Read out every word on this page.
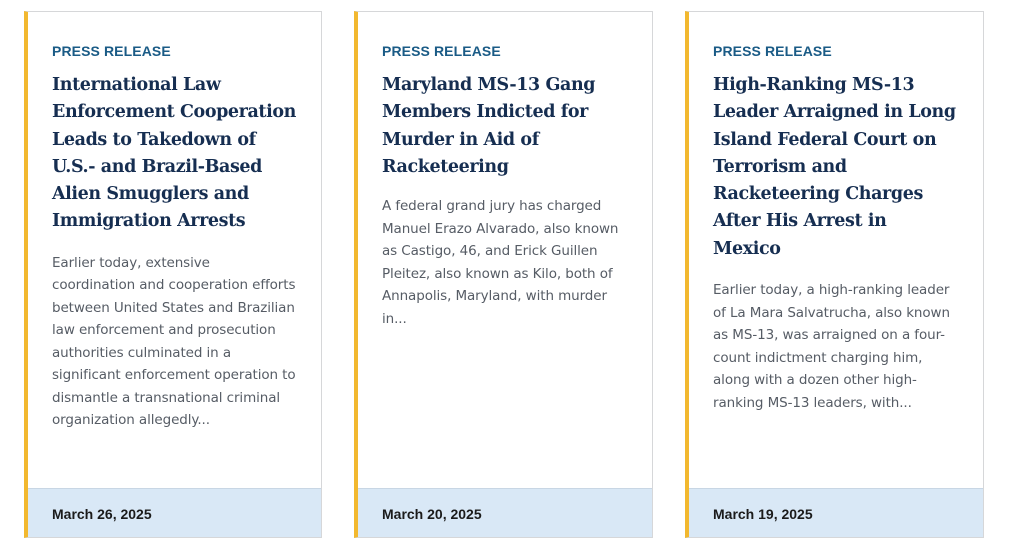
PRESS RELEASE
International Law Enforcement Cooperation Leads to Takedown of U.S.- and Brazil-Based Alien Smugglers and Immigration Arrests

Earlier today, extensive coordination and cooperation efforts between United States and Brazilian law enforcement and prosecution authorities culminated in a significant enforcement operation to dismantle a transnational criminal organization allegedly...

March 26, 2025
PRESS RELEASE
Maryland MS-13 Gang Members Indicted for Murder in Aid of Racketeering

A federal grand jury has charged Manuel Erazo Alvarado, also known as Castigo, 46, and Erick Guillen Pleitez, also known as Kilo, both of Annapolis, Maryland, with murder in...

March 20, 2025
PRESS RELEASE
High-Ranking MS-13 Leader Arraigned in Long Island Federal Court on Terrorism and Racketeering Charges After His Arrest in Mexico

Earlier today, a high-ranking leader of La Mara Salvatrucha, also known as MS-13, was arraigned on a four-count indictment charging him, along with a dozen other high-ranking MS-13 leaders, with...

March 19, 2025
